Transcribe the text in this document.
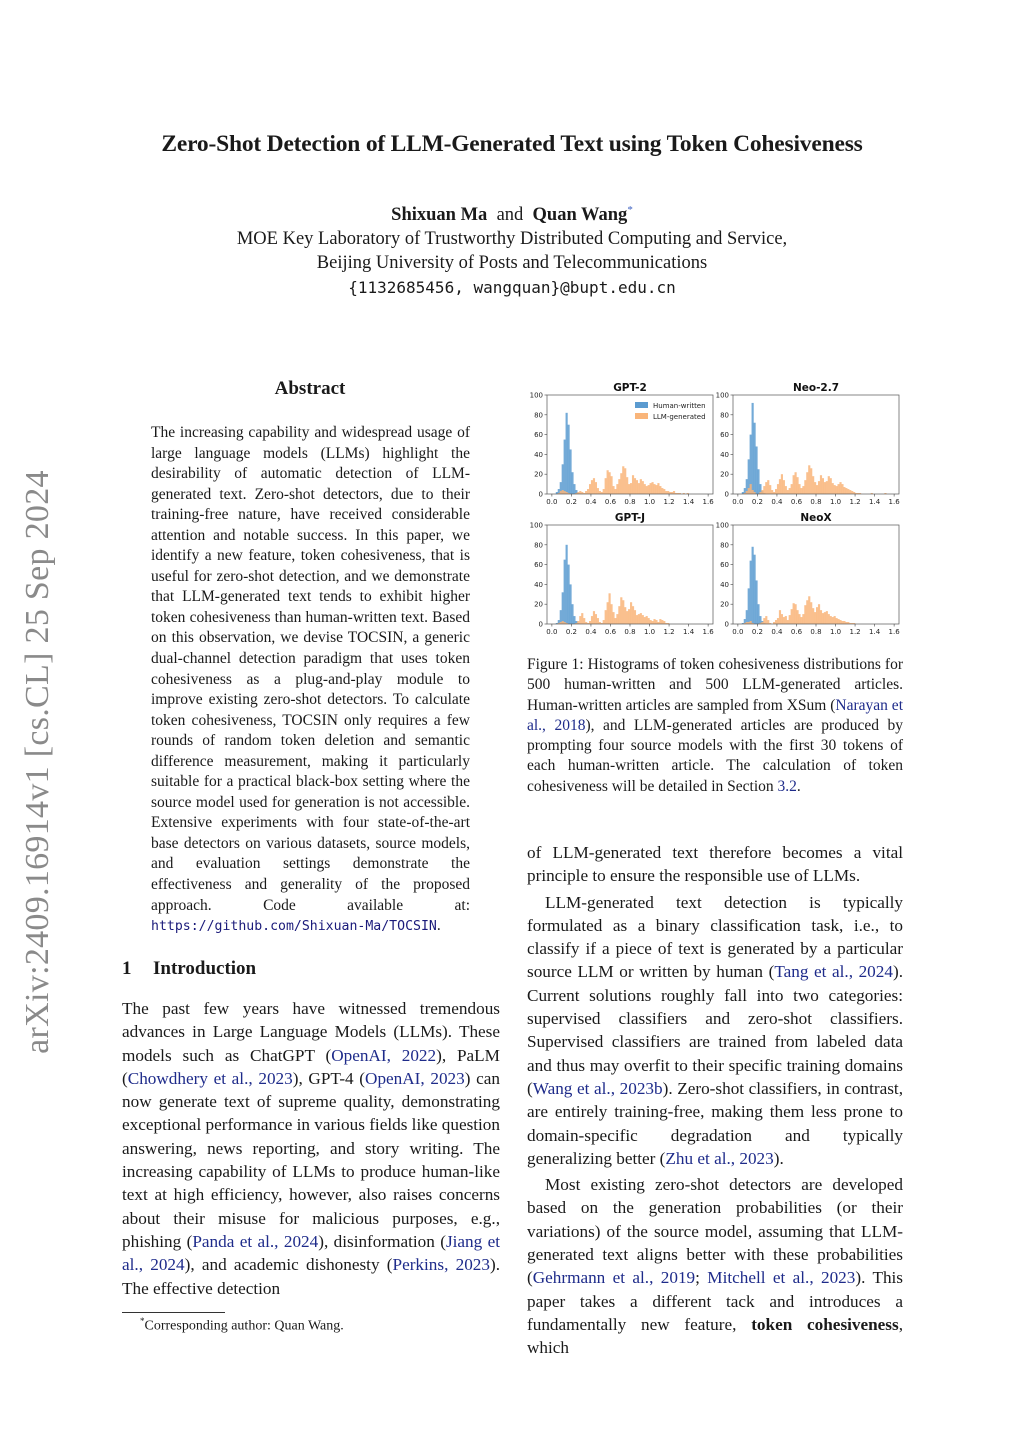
arXiv:2409.16914v1 [cs.CL] 25 Sep 2024
Zero-Shot Detection of LLM-Generated Text using Token Cohesiveness
Shixuan Ma and Quan Wang*
MOE Key Laboratory of Trustworthy Distributed Computing and Service,
Beijing University of Posts and Telecommunications
{1132685456, wangquan}@bupt.edu.cn
Abstract
The increasing capability and widespread usage of large language models (LLMs) highlight the desirability of automatic detection of LLM-generated text. Zero-shot detectors, due to their training-free nature, have received considerable attention and notable success. In this paper, we identify a new feature, token cohesiveness, that is useful for zero-shot detection, and we demonstrate that LLM-generated text tends to exhibit higher token cohesiveness than human-written text. Based on this observation, we devise TOCSIN, a generic dual-channel detection paradigm that uses token cohesiveness as a plug-and-play module to improve existing zero-shot detectors. To calculate token cohesiveness, TOCSIN only requires a few rounds of random token deletion and semantic difference measurement, making it particularly suitable for a practical black-box setting where the source model used for generation is not accessible. Extensive experiments with four state-of-the-art base detectors on various datasets, source models, and evaluation settings demonstrate the effectiveness and generality of the proposed approach. Code available at: https://github.com/Shixuan-Ma/TOCSIN.
1 Introduction
The past few years have witnessed tremendous advances in Large Language Models (LLMs). These models such as ChatGPT (OpenAI, 2022), PaLM (Chowdhery et al., 2023), GPT-4 (OpenAI, 2023) can now generate text of supreme quality, demonstrating exceptional performance in various fields like question answering, news reporting, and story writing. The increasing capability of LLMs to produce human-like text at high efficiency, however, also raises concerns about their misuse for malicious purposes, e.g., phishing (Panda et al., 2024), disinformation (Jiang et al., 2024), and academic dishonesty (Perkins, 2023). The effective detection
*Corresponding author: Quan Wang.
GPT-2
0
20
40
60
80
100
0.0 0.2 0.4 0.6 0.8 1.0 1.2 1.4 1.6
Human-written
LLM-generated
Neo-2.7
0
20
40
60
80
100
0.0 0.2 0.4 0.6 0.8 1.0 1.2 1.4 1.6
GPT-J
0
20
40
60
80
100
0.0 0.2 0.4 0.6 0.8 1.0 1.2 1.4 1.6
NeoX
0
20
40
60
80
100
0.0 0.2 0.4 0.6 0.8 1.0 1.2 1.4 1.6
Figure 1: Histograms of token cohesiveness distributions for 500 human-written and 500 LLM-generated articles. Human-written articles are sampled from XSum (Narayan et al., 2018), and LLM-generated articles are produced by prompting four source models with the first 30 tokens of each human-written article. The calculation of token cohesiveness will be detailed in Section 3.2.

of LLM-generated text therefore becomes a vital principle to ensure the responsible use of LLMs.

LLM-generated text detection is typically formulated as a binary classification task, i.e., to classify if a piece of text is generated by a particular source LLM or written by human (Tang et al., 2024). Current solutions roughly fall into two categories: supervised classifiers and zero-shot classifiers. Supervised classifiers are trained from labeled data and thus may overfit to their specific training domains (Wang et al., 2023b). Zero-shot classifiers, in contrast, are entirely training-free, making them less prone to domain-specific degradation and typically generalizing better (Zhu et al., 2023).

Most existing zero-shot detectors are developed based on the generation probabilities (or their variations) of the source model, assuming that LLM-generated text aligns better with these probabilities (Gehrmann et al., 2019; Mitchell et al., 2023). This paper takes a different tack and introduces a fundamentally new feature, token cohesiveness, which
